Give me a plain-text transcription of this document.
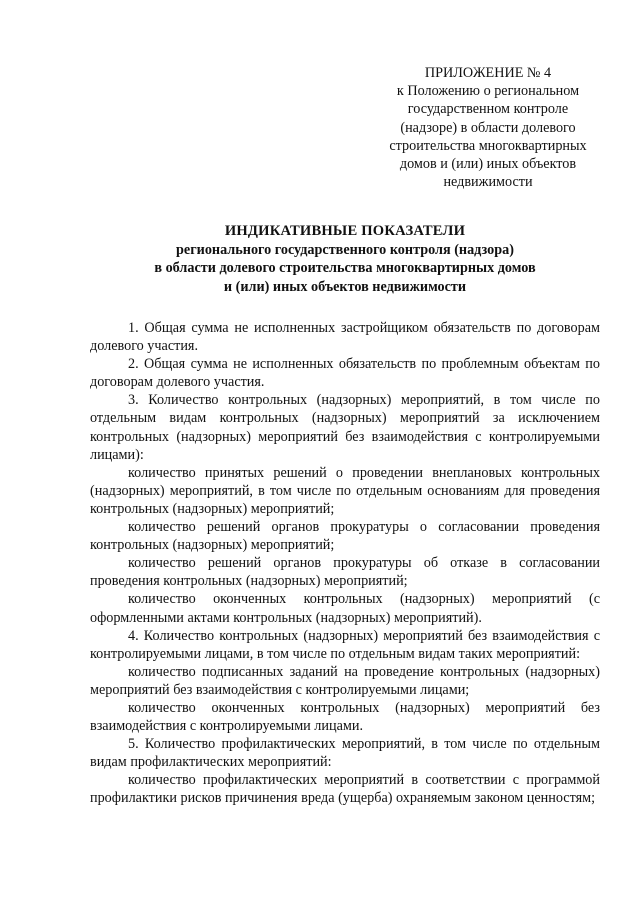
ПРИЛОЖЕНИЕ № 4
к Положению о региональном
государственном контроле
(надзоре) в области долевого
строительства многоквартирных
домов и (или) иных объектов
недвижимости
ИНДИКАТИВНЫЕ ПОКАЗАТЕЛИ
регионального государственного контроля (надзора)
в области долевого строительства многоквартирных домов
и (или) иных объектов недвижимости

1. Общая сумма не исполненных застройщиком обязательств по договорам долевого участия.

2. Общая сумма не исполненных обязательств по проблемным объектам по договорам долевого участия.

3. Количество контрольных (надзорных) мероприятий, в том числе по отдельным видам контрольных (надзорных) мероприятий за исключением контрольных (надзорных) мероприятий без взаимодействия с контролируемыми лицами):

количество принятых решений о проведении внеплановых контрольных (надзорных) мероприятий, в том числе по отдельным основаниям для проведения контрольных (надзорных) мероприятий;

количество решений органов прокуратуры о согласовании проведения контрольных (надзорных) мероприятий;

количество решений органов прокуратуры об отказе в согласовании проведения контрольных (надзорных) мероприятий;

количество оконченных контрольных (надзорных) мероприятий (с оформленными актами контрольных (надзорных) мероприятий).

4. Количество контрольных (надзорных) мероприятий без взаимодействия с контролируемыми лицами, в том числе по отдельным видам таких мероприятий:

количество подписанных заданий на проведение контрольных (надзорных) мероприятий без взаимодействия с контролируемыми лицами;

количество оконченных контрольных (надзорных) мероприятий без взаимодействия с контролируемыми лицами.

5. Количество профилактических мероприятий, в том числе по отдельным видам профилактических мероприятий:

количество профилактических мероприятий в соответствии с программой профилактики рисков причинения вреда (ущерба) охраняемым законом ценностям;
